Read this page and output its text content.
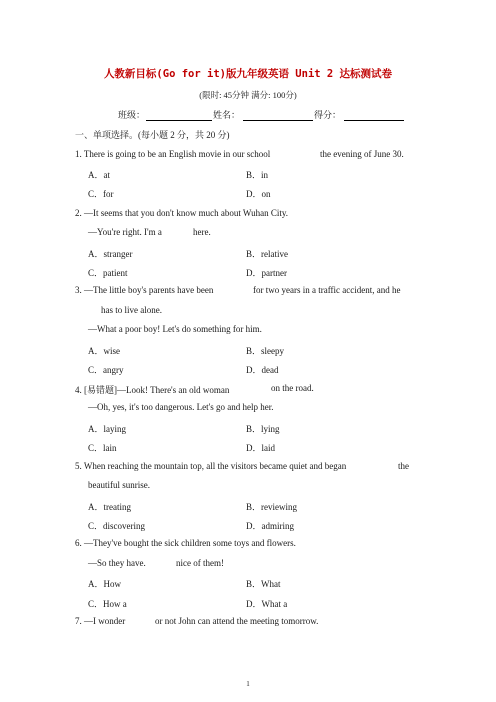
人教新目标(Go for it)版九年级英语 Unit 2 达标测试卷
(限时: 45分钟 满分: 100分)
班级：	姓名：	得分：
一、单项选择。(每小题 2 分，共 20 分)
1. There is going to be an English movie in our school	the evening of June 30.
A．at	B．in
C．for	D．on
2. —It seems that you don't know much about Wuhan City.
—You're right. I'm a	here.
A．stranger	B．relative
C．patient	D．partner
3. —The little boy's parents have been	for two years in a traffic accident, and he
has to live alone.
—What a poor boy! Let's do something for him.
A．wise	B．sleepy
C．angry	D．dead
4. [易错题]—Look! There's an old woman	on the road.
—Oh, yes, it's too dangerous. Let's go and help her.
A．laying	B．lying
C．lain	D．laid
5. When reaching the mountain top, all the visitors became quiet and began	the
beautiful sunrise.
A．treating	B．reviewing
C．discovering	D．admiring
6. —They've bought the sick children some toys and flowers.
—So they have.	nice of them!
A．How	B．What
C．How a	D．What a
7. —I wonder	or not John can attend the meeting tomorrow.
1
